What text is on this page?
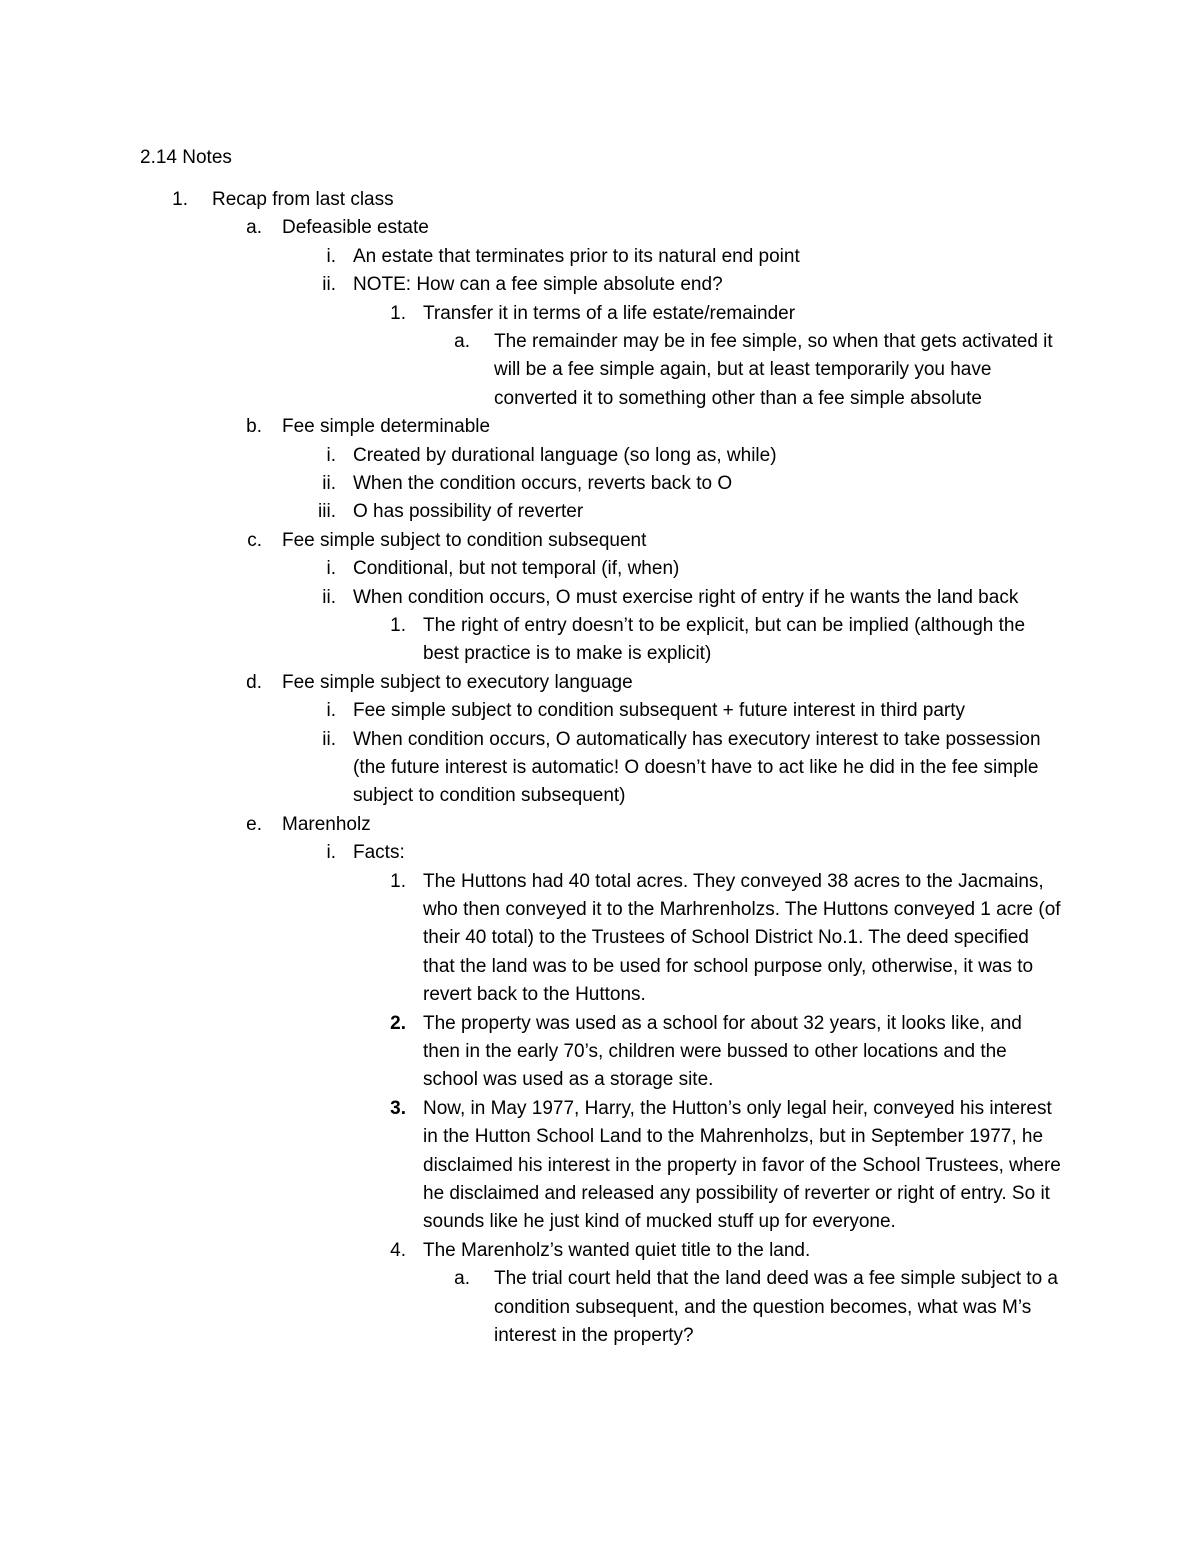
2.14 Notes
1. Recap from last class
a. Defeasible estate
i. An estate that terminates prior to its natural end point
ii. NOTE: How can a fee simple absolute end?
1. Transfer it in terms of a life estate/remainder
a. The remainder may be in fee simple, so when that gets activated it will be a fee simple again, but at least temporarily you have converted it to something other than a fee simple absolute
b. Fee simple determinable
i. Created by durational language (so long as, while)
ii. When the condition occurs, reverts back to O
iii. O has possibility of reverter
c. Fee simple subject to condition subsequent
i. Conditional, but not temporal (if, when)
ii. When condition occurs, O must exercise right of entry if he wants the land back
1. The right of entry doesn’t to be explicit, but can be implied (although the best practice is to make is explicit)
d. Fee simple subject to executory language
i. Fee simple subject to condition subsequent + future interest in third party
ii. When condition occurs, O automatically has executory interest to take possession (the future interest is automatic! O doesn’t have to act like he did in the fee simple subject to condition subsequent)
e. Marenholz
i. Facts:
1. The Huttons had 40 total acres. They conveyed 38 acres to the Jacmains, who then conveyed it to the Marhrenholzs. The Huttons conveyed 1 acre (of their 40 total) to the Trustees of School District No.1. The deed specified that the land was to be used for school purpose only, otherwise, it was to revert back to the Huttons.
2. The property was used as a school for about 32 years, it looks like, and then in the early 70’s, children were bussed to other locations and the school was used as a storage site.
3. Now, in May 1977, Harry, the Hutton’s only legal heir, conveyed his interest in the Hutton School Land to the Mahrenholzs, but in September 1977, he disclaimed his interest in the property in favor of the School Trustees, where he disclaimed and released any possibility of reverter or right of entry. So it sounds like he just kind of mucked stuff up for everyone.
4. The Marenholz’s wanted quiet title to the land.
a. The trial court held that the land deed was a fee simple subject to a condition subsequent, and the question becomes, what was M’s interest in the property?
